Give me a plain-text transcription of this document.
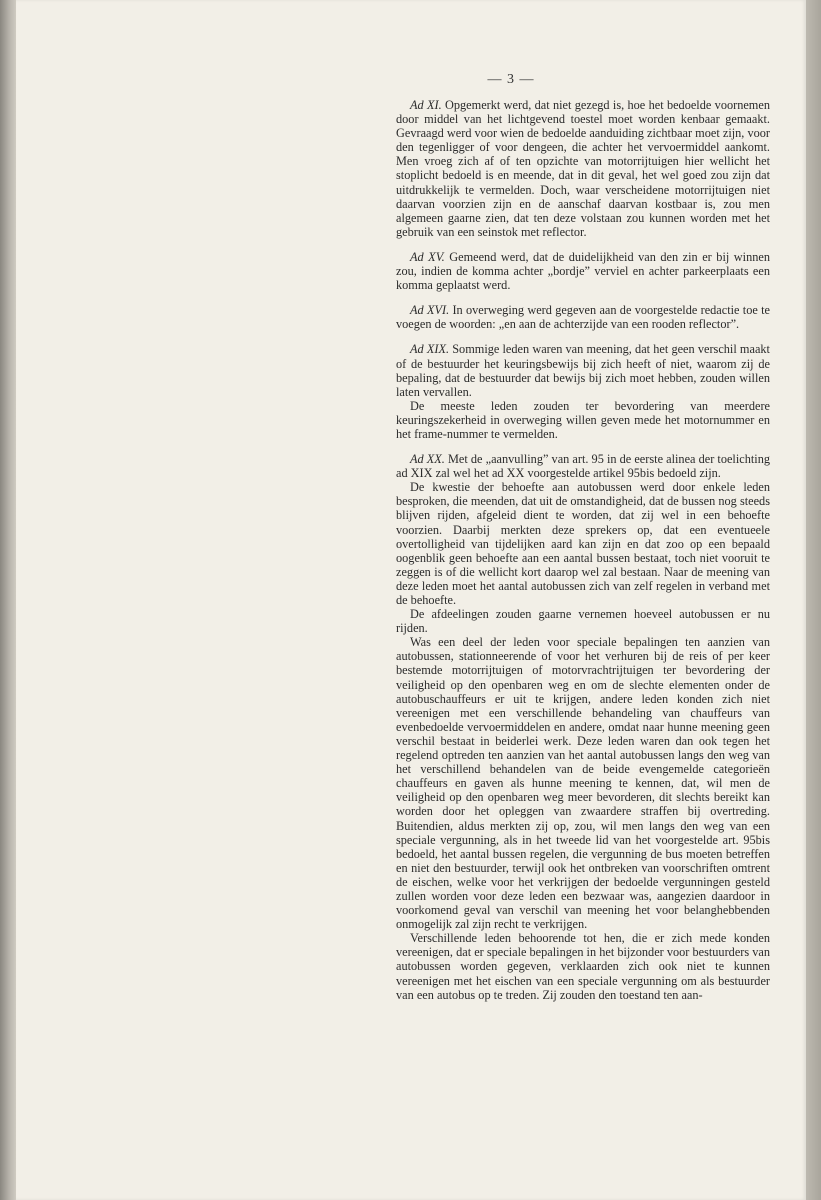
— 3 —

Ad XI. Opgemerkt werd, dat niet gezegd is, hoe het bedoelde voornemen door middel van het lichtgevend toestel moet worden kenbaar gemaakt. Gevraagd werd voor wien de bedoelde aanduiding zichtbaar moet zijn, voor den tegenligger of voor dengeen, die achter het vervoermiddel aankomt. Men vroeg zich af of ten opzichte van motorrijtuigen hier wellicht het stoplicht bedoeld is en meende, dat in dit geval, het wel goed zou zijn dat uitdrukkelijk te vermelden. Doch, waar verscheidene motorrijtuigen niet daarvan voorzien zijn en de aanschaf daarvan kostbaar is, zou men algemeen gaarne zien, dat ten deze volstaan zou kunnen worden met het gebruik van een seinstok met reflector.

Ad XV. Gemeend werd, dat de duidelijkheid van den zin er bij winnen zou, indien de komma achter „bordje” verviel en achter parkeerplaats een komma geplaatst werd.

Ad XVI. In overweging werd gegeven aan de voorgestelde redactie toe te voegen de woorden: „en aan de achterzijde van een rooden reflector”.

Ad XIX. Sommige leden waren van meening, dat het geen verschil maakt of de bestuurder het keuringsbewijs bij zich heeft of niet, waarom zij de bepaling, dat de bestuurder dat bewijs bij zich moet hebben, zouden willen laten vervallen.

De meeste leden zouden ter bevordering van meerdere keuringszekerheid in overweging willen geven mede het motornummer en het frame-nummer te vermelden.

Ad XX. Met de „aanvulling” van art. 95 in de eerste alinea der toelichting ad XIX zal wel het ad XX voorgestelde artikel 95bis bedoeld zijn.

De kwestie der behoefte aan autobussen werd door enkele leden besproken, die meenden, dat uit de omstandigheid, dat de bussen nog steeds blijven rijden, afgeleid dient te worden, dat zij wel in een behoefte voorzien. Daarbij merkten deze sprekers op, dat een eventueele overtolligheid van tijdelijken aard kan zijn en dat zoo op een bepaald oogenblik geen behoefte aan een aantal bussen bestaat, toch niet vooruit te zeggen is of die wellicht kort daarop wel zal bestaan. Naar de meening van deze leden moet het aantal autobussen zich van zelf regelen in verband met de behoefte.

De afdeelingen zouden gaarne vernemen hoeveel autobussen er nu rijden.

Was een deel der leden voor speciale bepalingen ten aanzien van autobussen, stationneerende of voor het verhuren bij de reis of per keer bestemde motorrijtuigen of motorvrachtrijtuigen ter bevordering der veiligheid op den openbaren weg en om de slechte elementen onder de autobuschauffeurs er uit te krijgen, andere leden konden zich niet vereenigen met een verschillende behandeling van chauffeurs van evenbedoelde vervoermiddelen en andere, omdat naar hunne meening geen verschil bestaat in beiderlei werk. Deze leden waren dan ook tegen het regelend optreden ten aanzien van het aantal autobussen langs den weg van het verschillend behandelen van de beide evengemelde categorieën chauffeurs en gaven als hunne meening te kennen, dat, wil men de veiligheid op den openbaren weg meer bevorderen, dit slechts bereikt kan worden door het opleggen van zwaardere straffen bij overtreding. Buitendien, aldus merkten zij op, zou, wil men langs den weg van een speciale vergunning, als in het tweede lid van het voorgestelde art. 95bis bedoeld, het aantal bussen regelen, die vergunning de bus moeten betreffen en niet den bestuurder, terwijl ook het ontbreken van voorschriften omtrent de eischen, welke voor het verkrijgen der bedoelde vergunningen gesteld zullen worden voor deze leden een bezwaar was, aangezien daardoor in voorkomend geval van verschil van meening het voor belanghebbenden onmogelijk zal zijn recht te verkrijgen.

Verschillende leden behoorende tot hen, die er zich mede konden vereenigen, dat er speciale bepalingen in het bijzonder voor bestuurders van autobussen worden gegeven, verklaarden zich ook niet te kunnen vereenigen met het eischen van een speciale vergunning om als bestuurder van een autobus op te treden. Zij zouden den toestand ten aan-
